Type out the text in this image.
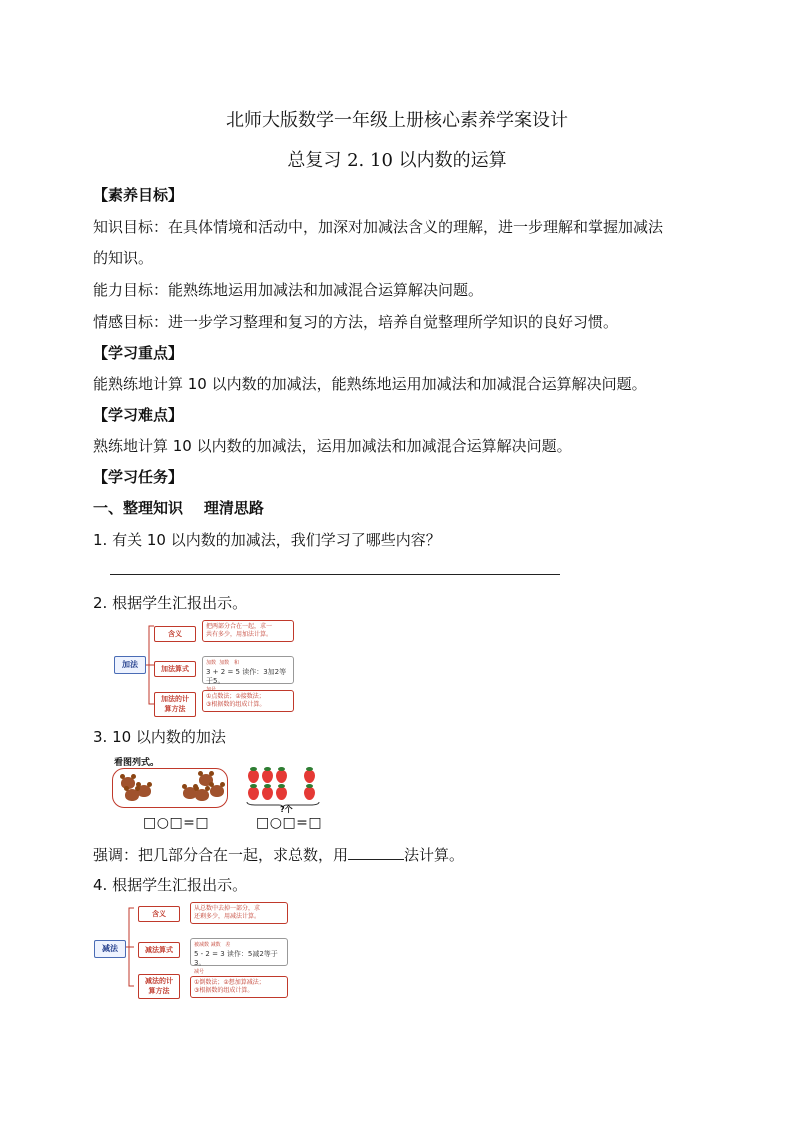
北师大版数学一年级上册核心素养学案设计
总复习 2. 10 以内数的运算
【素养目标】
知识目标：在具体情境和活动中，加深对加减法含义的理解，进一步理解和掌握加减法
的知识。
能力目标：能熟练地运用加减法和加减混合运算解决问题。
情感目标：进一步学习整理和复习的方法，培养自觉整理所学知识的良好习惯。
【学习重点】
能熟练地计算 10 以内数的加减法，能熟练地运用加减法和加减混合运算解决问题。
【学习难点】
熟练地计算 10 以内数的加减法，运用加减法和加减混合运算解决问题。
【学习任务】
一、整理知识    理清思路
1. 有关 10 以内数的加减法，我们学习了哪些内容？
2. 根据学生汇报出示。
加法
含义
加法算式
加法的计
算方法
把两部分合在一起，求一
共有多少，用加法计算。
加数  加数   和
3 + 2 = 5 读作：3加2等于5。
①点数法；②接数法；
③根据数的组成计算。
3. 10 以内数的加法
看图列式。
?个
□○□=□	□○□=□
强调：把几部分合在一起，求总数，用	法计算。
4. 根据学生汇报出示。
减法
含义
减法算式
减法的计
算方法
从总数中去掉一部分，求
还剩多少，用减法计算。
被减数 减数   差
5 - 2 = 3 读作：5减2等于3。
减号
①倒数法；②想加算减法；
③根据数的组成计算。
